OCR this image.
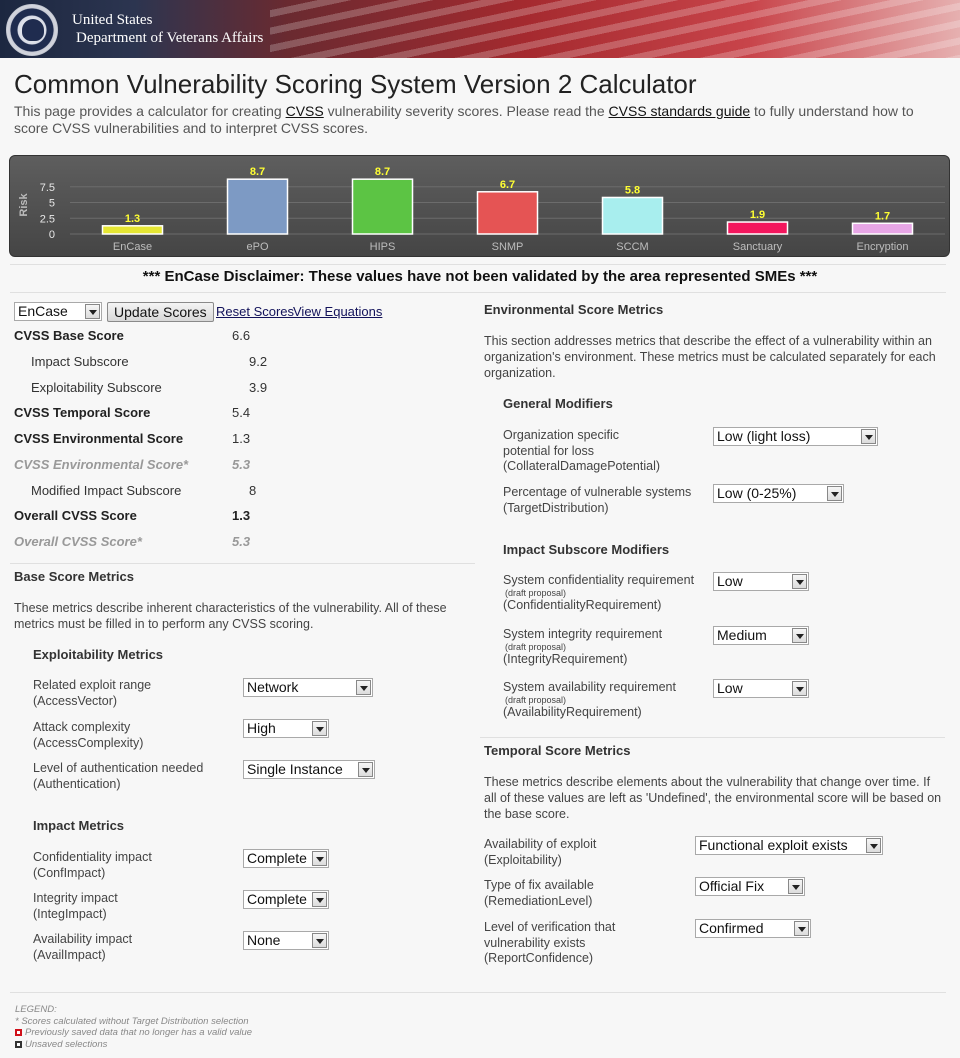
United States
Department of Veterans Affairs
Common Vulnerability Scoring System Version 2 Calculator

This page provides a calculator for creating CVSS vulnerability severity scores. Please read the CVSS standards guide to fully understand how to score CVSS vulnerabilities and to interpret CVSS scores.

0
2.5
5
7.5
Risk
1.3
EnCase
8.7
ePO
8.7
HIPS
6.7
SNMP
5.8
SCCM
1.9
Sanctuary
1.7
Encryption
*** EnCase Disclaimer: These values have not been validated by the area represented SMEs ***
EnCase	Update Scores Reset Scores
View Equations
CVSS Base Score	6.6
Impact Subscore	9.2
Exploitability Subscore	3.9
CVSS Temporal Score	5.4
CVSS Environmental Score	1.3
CVSS Environmental Score*	5.3
Modified Impact Subscore	8
Overall CVSS Score	1.3
Overall CVSS Score*	5.3
Base Score Metrics
These metrics describe inherent characteristics of the vulnerability. All of these metrics must be filled in to perform any CVSS scoring.
Exploitability Metrics
Related exploit range
(AccessVector)
Network
Attack complexity
(AccessComplexity)
High
Level of authentication needed
(Authentication)
Single Instance
Impact Metrics
Confidentiality impact
(ConfImpact)
Complete
Integrity impact
(IntegImpact)
Complete
Availability impact
(AvailImpact)
None
Environmental Score Metrics
This section addresses metrics that describe the effect of a vulnerability within an organization's environment. These metrics must be calculated separately for each organization.
General Modifiers
Organization specific
potential for loss
(CollateralDamagePotential)
Low (light loss)
Percentage of vulnerable systems
(TargetDistribution)
Low (0-25%)
Impact Subscore Modifiers
System confidentiality requirement
(draft proposal)
(ConfidentialityRequirement)
Low
System integrity requirement
(draft proposal)
(IntegrityRequirement)
Medium
System availability requirement
(draft proposal)
(AvailabilityRequirement)
Low
Temporal Score Metrics
These metrics describe elements about the vulnerability that change over time. If all of these values are left as 'Undefined', the environmental score will be based on the base score.
Availability of exploit
(Exploitability)
Functional exploit exists
Type of fix available
(RemediationLevel)
Official Fix
Level of verification that
vulnerability exists
(ReportConfidence)
Confirmed
LEGEND:
* Scores calculated without Target Distribution selection
Previously saved data that no longer has a valid value
Unsaved selections
